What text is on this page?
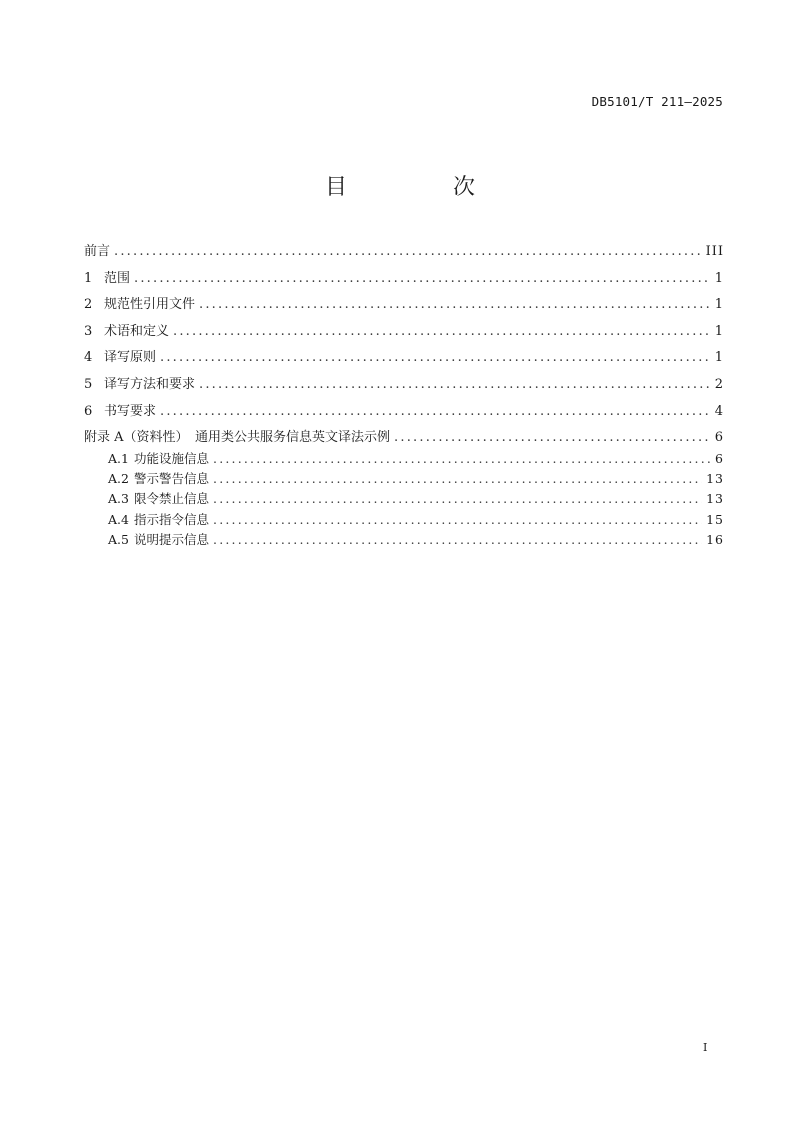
DB5101/T 211—2025
目　次
前言 .....	III
1 范围 .....	1
2 规范性引用文件 .....	1
3 术语和定义 .....	1
4 译写原则 .....	1
5 译写方法和要求 .....	2
6 书写要求 .....	4
附录 A（资料性）　通用类公共服务信息英文译法示例 .....	6
A.1 功能设施信息 .....	6
A.2 警示警告信息 .....	13
A.3 限令禁止信息 .....	13
A.4 指示指令信息 .....	15
A.5 说明提示信息 .....	16
I
